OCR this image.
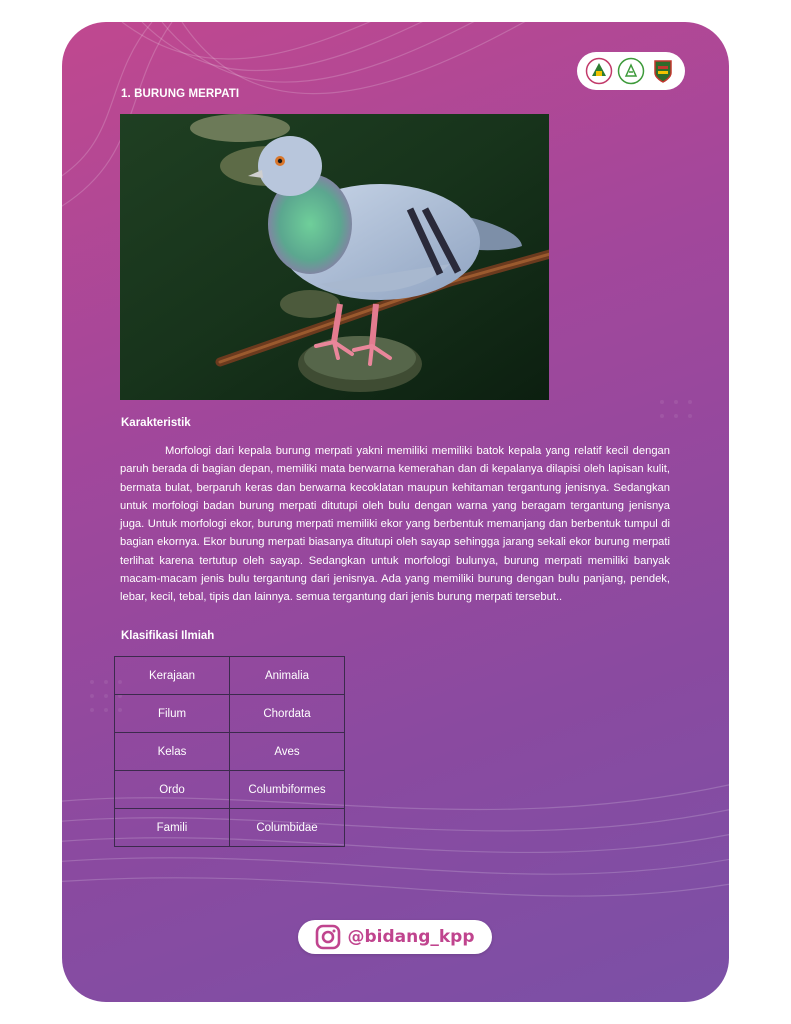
1. BURUNG MERPATI
Karakteristik

Morfologi dari kepala burung merpati yakni memiliki memiliki batok kepala yang relatif kecil dengan paruh berada di bagian depan, memiliki mata berwarna kemerahan dan di kepalanya dilapisi oleh lapisan kulit, bermata bulat, berparuh keras dan berwarna kecoklatan maupun kehitaman tergantung jenisnya. Sedangkan untuk morfologi badan burung merpati ditutupi oleh bulu dengan warna yang beragam tergantung jenisnya juga. Untuk morfologi ekor, burung merpati memiliki ekor yang berbentuk memanjang dan berbentuk tumpul di bagian ekornya. Ekor burung merpati biasanya ditutupi oleh sayap sehingga jarang sekali ekor burung merpati terlihat karena tertutup oleh sayap. Sedangkan untuk morfologi bulunya, burung merpati memiliki banyak macam-macam jenis bulu tergantung dari jenisnya. Ada yang memiliki burung dengan bulu panjang, pendek, lebar, kecil, tebal, tipis dan lainnya. semua tergantung dari jenis burung merpati tersebut..

Klasifikasi Ilmiah
Kerajaan	Animalia
Filum	Chordata
Kelas	Aves
Ordo	Columbiformes
Famili	Columbidae
@bidang_kpp
